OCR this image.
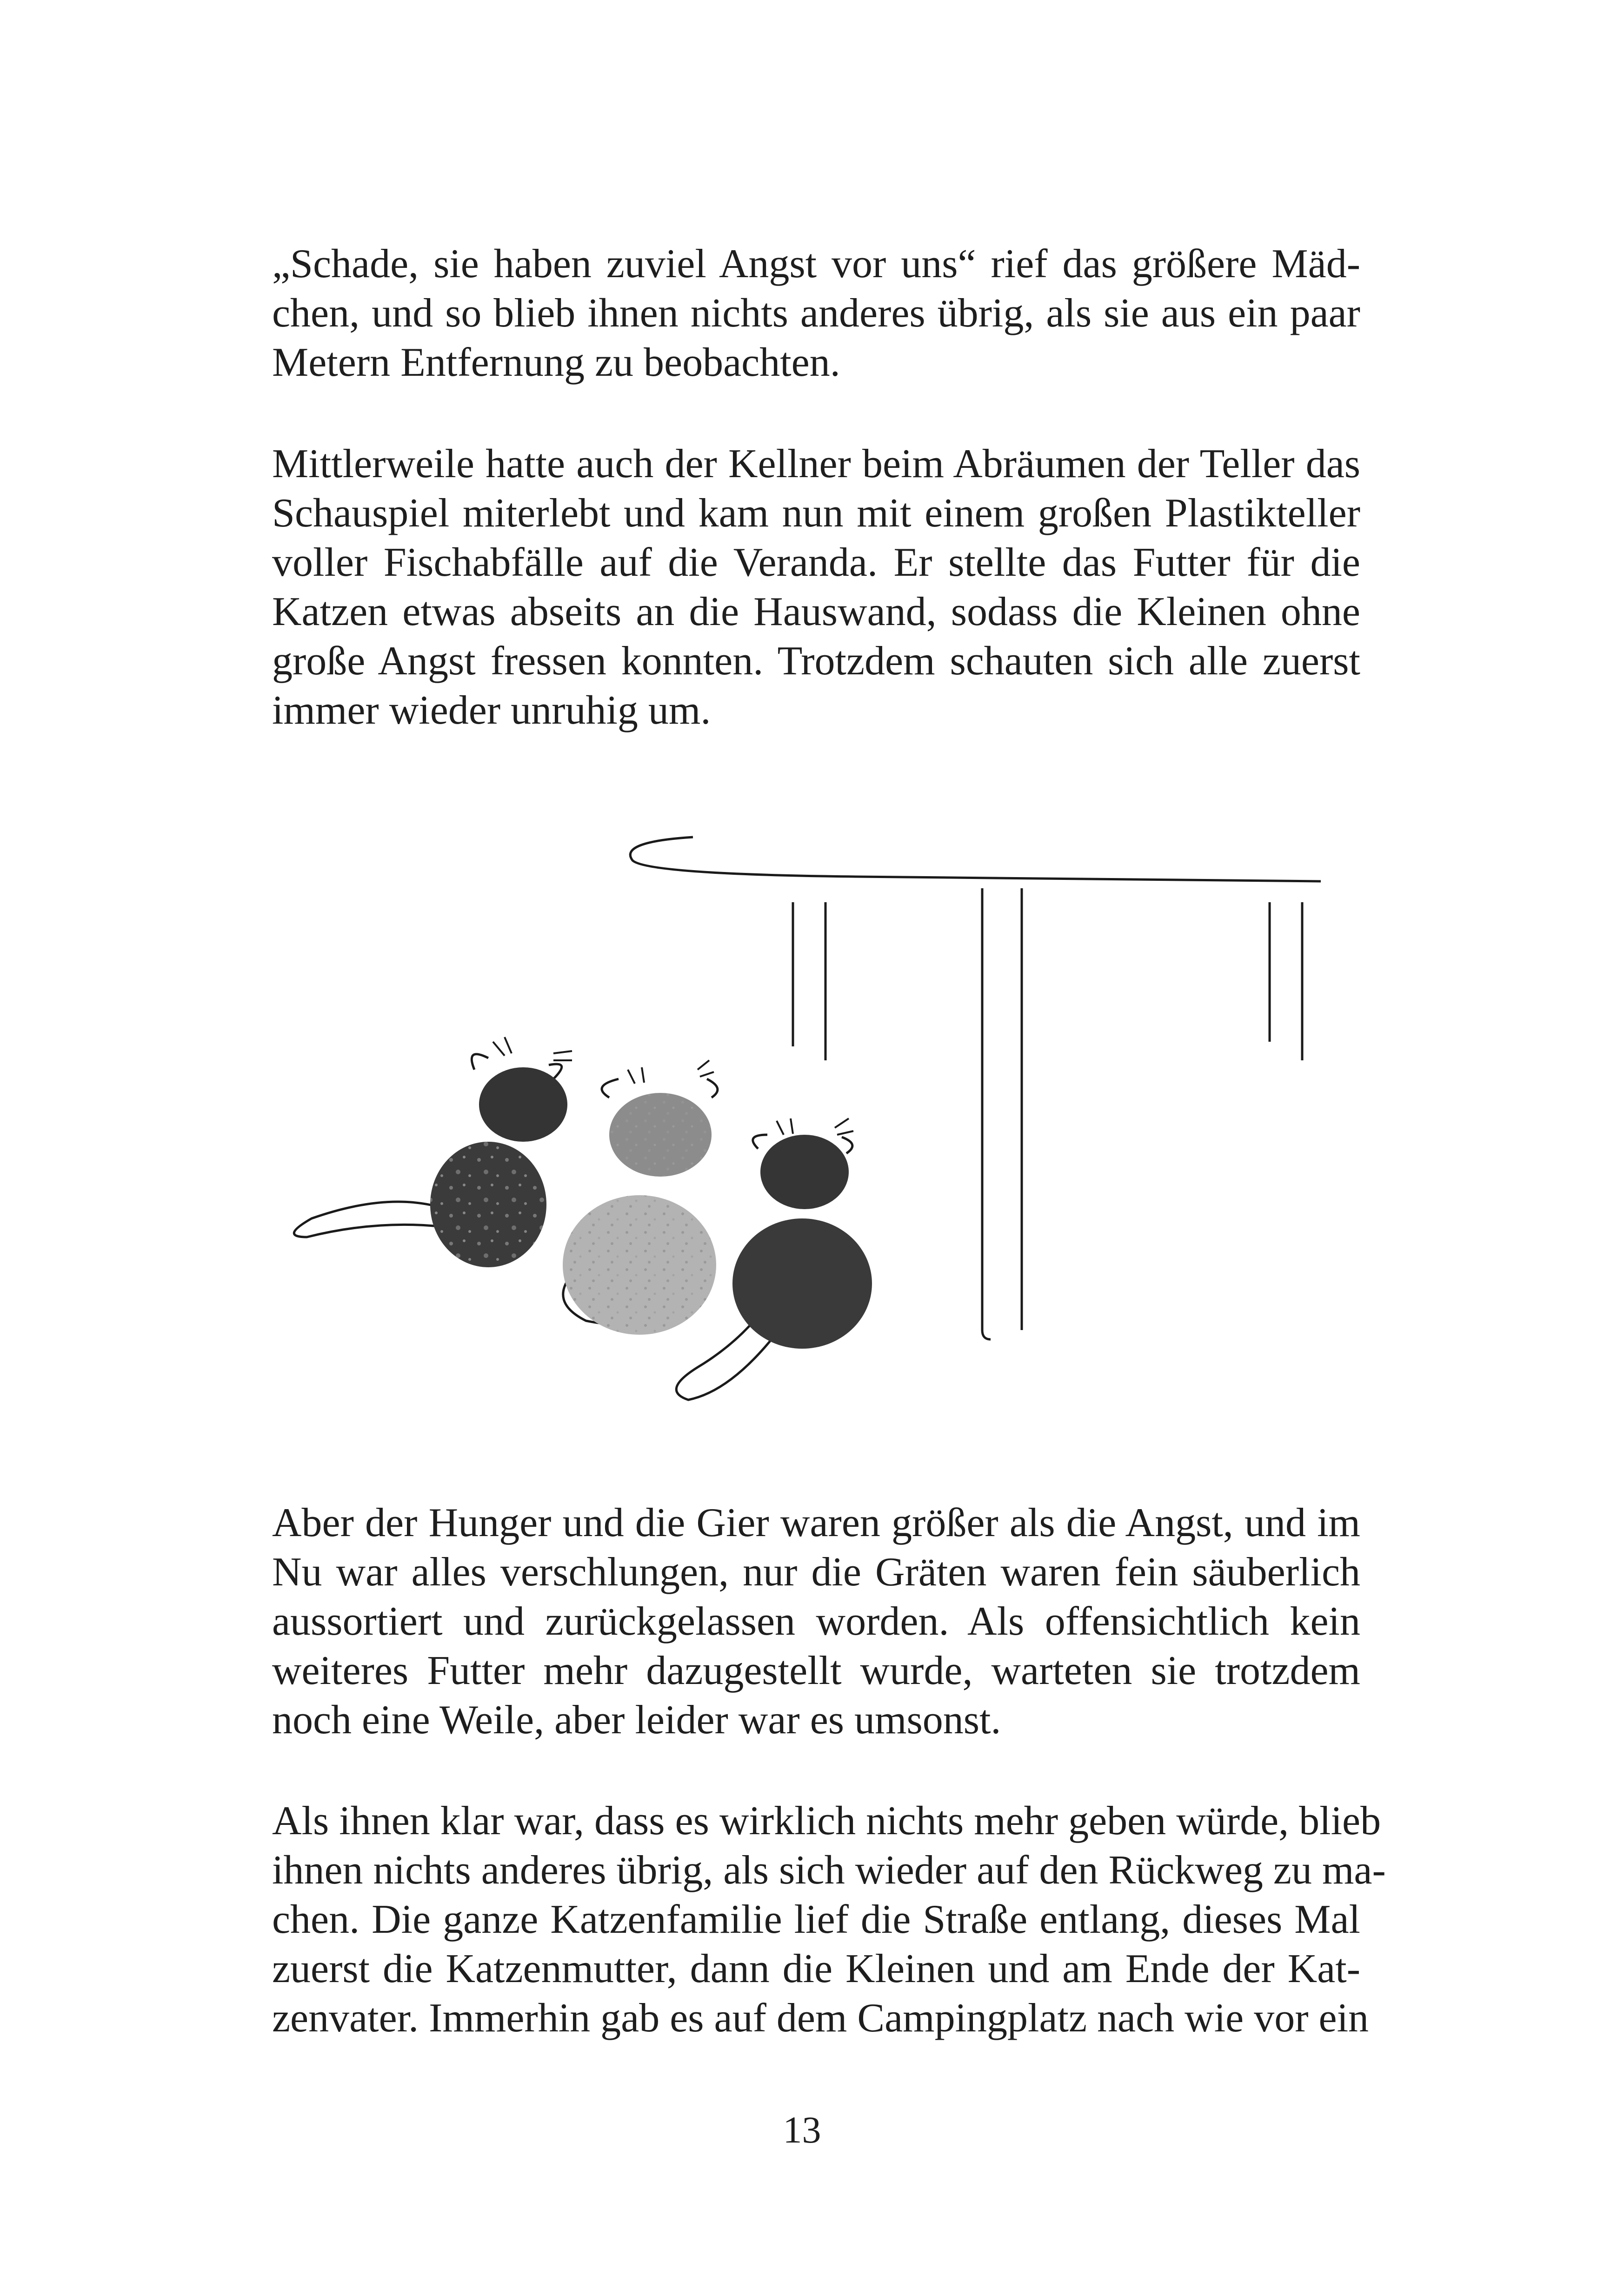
„Schade, sie haben zuviel Angst vor uns“ rief das größere Mäd-
chen, und so blieb ihnen nichts anderes übrig, als sie aus ein paar
Metern Entfernung zu beobachten.

Mittlerweile hatte auch der Kellner beim Abräumen der Teller das
Schauspiel miterlebt und kam nun mit einem großen Plastikteller
voller Fischabfälle auf die Veranda. Er stellte das Futter für die
Katzen etwas abseits an die Hauswand, sodass die Kleinen ohne
große Angst fressen konnten. Trotzdem schauten sich alle zuerst
immer wieder unruhig um.

Aber der Hunger und die Gier waren größer als die Angst, und im
Nu war alles verschlungen, nur die Gräten waren fein säuberlich
aussortiert und zurückgelassen worden. Als offensichtlich kein
weiteres Futter mehr dazugestellt wurde, warteten sie trotzdem
noch eine Weile, aber leider war es umsonst.

Als ihnen klar war, dass es wirklich nichts mehr geben würde, blieb
ihnen nichts anderes übrig, als sich wieder auf den Rückweg zu ma-
chen. Die ganze Katzenfamilie lief die Straße entlang, dieses Mal
zuerst die Katzenmutter, dann die Kleinen und am Ende der Kat-
zenvater. Immerhin gab es auf dem Campingplatz nach wie vor ein

13
